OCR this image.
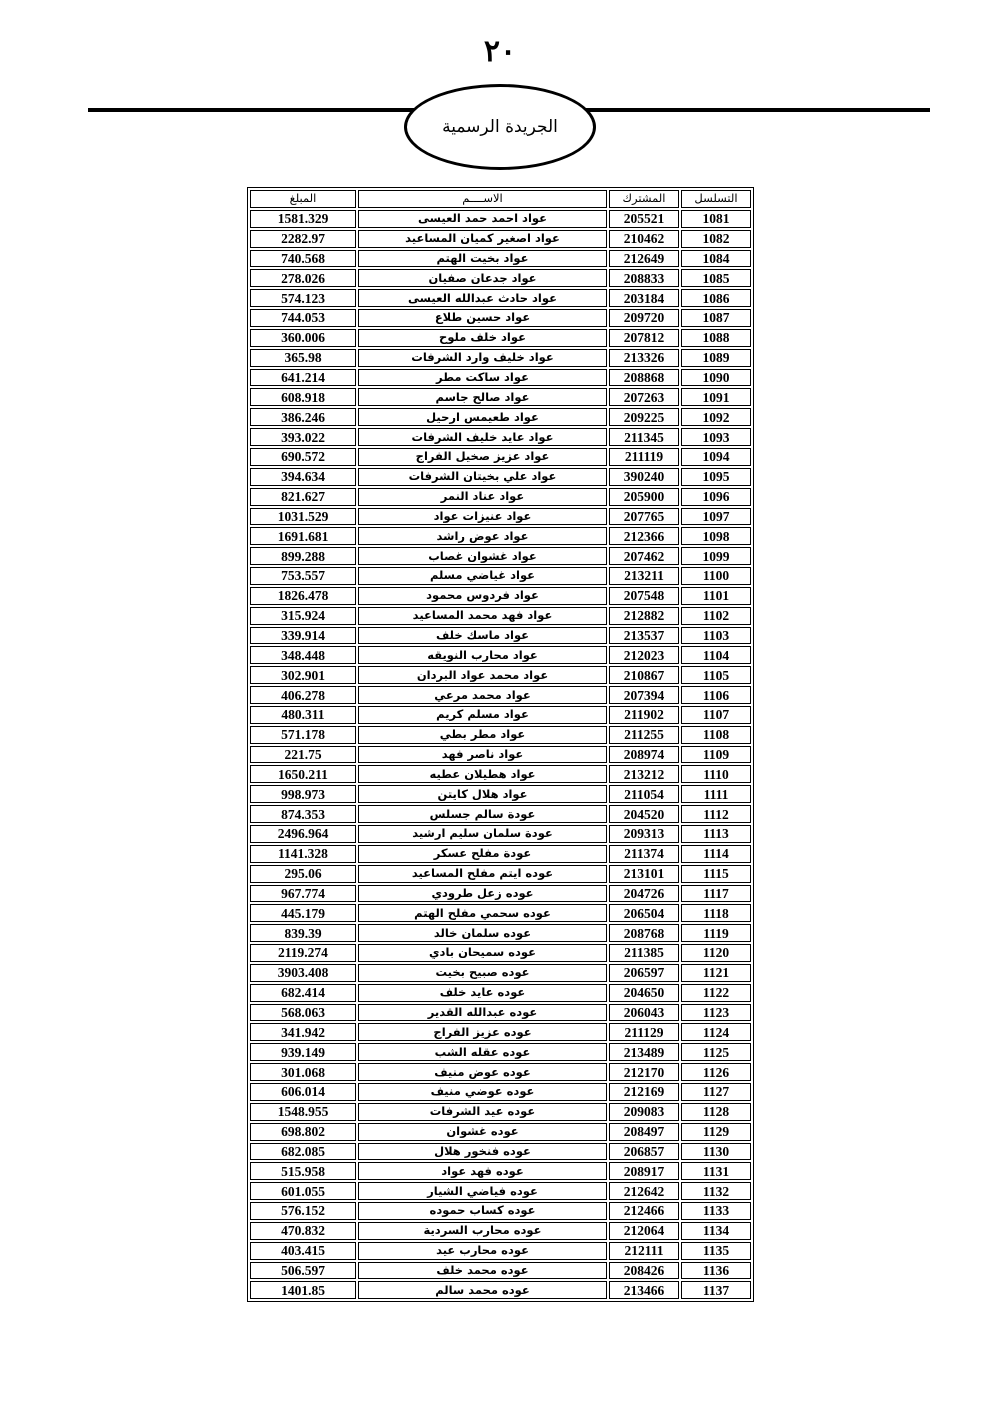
٢٠
الجريدة الرسمية
التسلسل	المشترك	الاســــم	المبلغ
1081	205521	عواد احمد حمد العيسى	1581.329
1082	210462	عواد اصغير كميان المساعيد	2282.97
1084	212649	عواد بخيت الهتم	740.568
1085	208833	عواد جدعان صفيان	278.026
1086	203184	عواد حادث عبدالله العيسى	574.123
1087	209720	عواد حسين طلاع	744.053
1088	207812	عواد خلف ملوح	360.006
1089	213326	عواد خليف وارد الشرفات	365.98
1090	208868	عواد ساكت مطر	641.214
1091	207263	عواد صالح جاسم	608.918
1092	209225	عواد طعيمس ارحيل	386.246
1093	211345	عواد عايد خليف الشرفات	393.022
1094	211119	عواد عزيز صخيل الفراج	690.572
1095	390240	عواد علي بخيتان الشرفات	394.634
1096	205900	عواد عناد النمر	821.627
1097	207765	عواد عنيزات عواد	1031.529
1098	212366	عواد عوض راشد	1691.681
1099	207462	عواد غشوان غصاب	899.288
1100	213211	عواد غياضي مسلم	753.557
1101	207548	عواد فردوس محمود	1826.478
1102	212882	عواد فهد محمد المساعيد	315.924
1103	213537	عواد ماسك خلف	339.914
1104	212023	عواد محارب النويقه	348.448
1105	210867	عواد محمد عواد البردان	302.901
1106	207394	عواد محمد مرعي	406.278
1107	211902	عواد مسلم كريم	480.311
1108	211255	عواد مطر بطي	571.178
1109	208974	عواد ناصر فهد	221.75
1110	213212	عواد هطيلان عطيه	1650.211
1111	211054	عواد هلال كايتن	998.973
1112	204520	عودة سالم جسلس	874.353
1113	209313	عودة سلمان سليم ارشيد	2496.964
1114	211374	عودة مفلح عسكر	1141.328
1115	213101	عوده ايتم مفلح المساعيد	295.06
1117	204726	عوده زعل طرودي	967.774
1118	206504	عوده سحمي مفلح الهتم	445.179
1119	208768	عوده سلمان خالد	839.39
1120	211385	عوده سميحان بادي	2119.274
1121	206597	عوده صبيح بخيت	3903.408
1122	204650	عوده عايد خلف	682.414
1123	206043	عوده عبدالله القدير	568.063
1124	211129	عوده عزيز الفراج	341.942
1125	213489	عوده عقله الشب	939.149
1126	212170	عوده عوض منيف	301.068
1127	212169	عوده عوضي منيف	606.014
1128	209083	عوده عيد الشرفات	1548.955
1129	208497	عوده غشوان	698.802
1130	206857	عوده فنخور هلال	682.085
1131	208917	عوده فهد عواد	515.958
1132	212642	عوده فياضي الشيار	601.055
1133	212466	عوده كساب حموده	576.152
1134	212064	عوده محارب السردية	470.832
1135	212111	عوده محارب عيد	403.415
1136	208426	عوده محمد خلف	506.597
1137	213466	عوده محمد سالم	1401.85
